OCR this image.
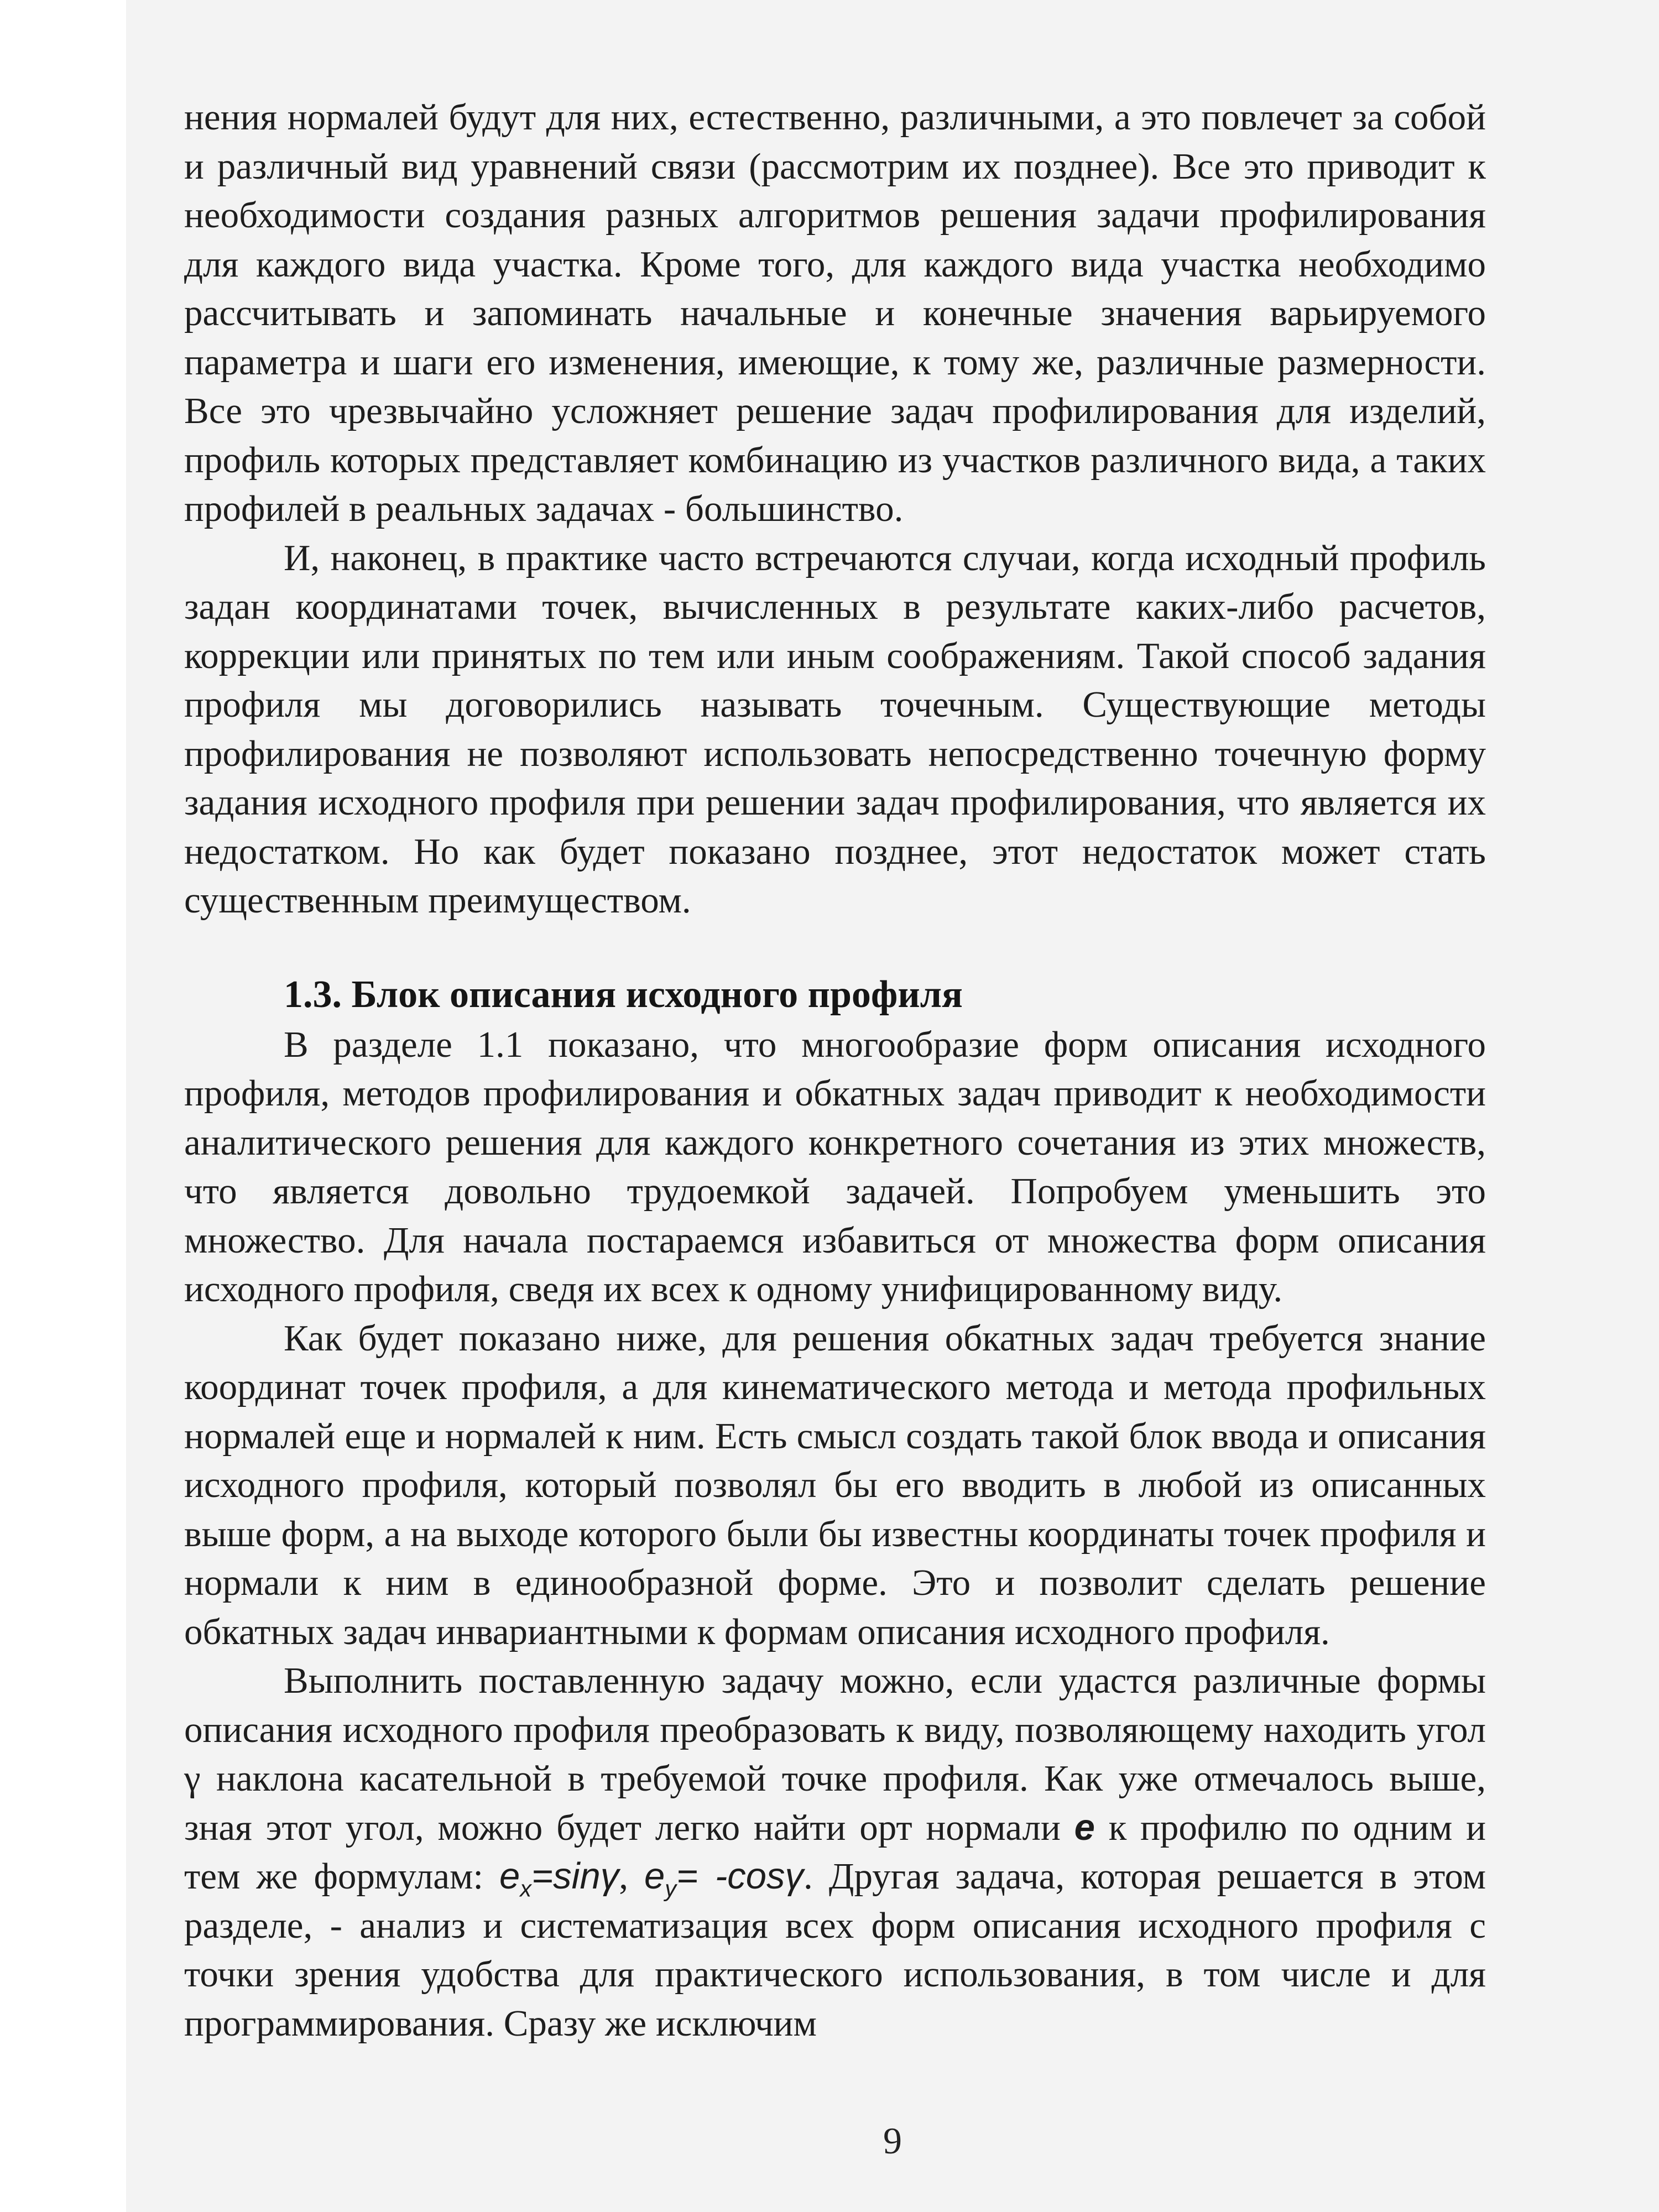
нения нормалей будут для них, естественно, различными, а это повлечет за собой и различный вид уравнений связи (рассмотрим их позднее). Все это приводит к необходимости создания разных алгоритмов решения задачи профилирования для каждого вида участка. Кроме того, для каждого вида участка необходимо рассчитывать и запоминать начальные и конечные значения варьируемого параметра и шаги его изменения, имеющие, к тому же, различные размерности. Все это чрезвычайно усложняет решение задач профилирования для изделий, профиль которых представляет комбинацию из участков различного вида, а таких профилей в реальных задачах - большинство.

И, наконец, в практике часто встречаются случаи, когда исходный профиль задан координатами точек, вычисленных в результате каких-либо расчетов, коррекции или принятых по тем или иным соображениям. Такой способ задания профиля мы договорились называть точечным. Существующие методы профилирования не позволяют использовать непосредственно точечную форму задания исходного профиля при решении задач профилирования, что является их недостатком. Но как будет показано позднее, этот недостаток может стать существенным преимуществом.

1.3. Блок описания исходного профиля

В разделе 1.1 показано, что многообразие форм описания исходного профиля, методов профилирования и обкатных задач приводит к необходимости аналитического решения для каждого конкретного сочетания из этих множеств, что является довольно трудоемкой задачей. Попробуем уменьшить это множество. Для начала постараемся избавиться от множества форм описания исходного профиля, сведя их всех к одному унифицированному виду.

Как будет показано ниже, для решения обкатных задач требуется знание координат точек профиля, а для кинематического метода и метода профильных нормалей еще и нормалей к ним. Есть смысл создать такой блок ввода и описания исходного профиля, который позволял бы его вводить в любой из описанных выше форм, а на выходе которого были бы известны координаты точек профиля и нормали к ним в единообразной форме. Это и позволит сделать решение обкатных задач инвариантными к формам описания исходного профиля.

Выполнить поставленную задачу можно, если удастся различные формы описания исходного профиля преобразовать к виду, позволяющему находить угол γ наклона касательной в требуемой точке профиля. Как уже отмечалось выше, зная этот угол, можно будет легко найти орт нормали e к профилю по одним и тем же формулам: $e_x=\sin\gamma$, $e_y= -\cos\gamma$. Другая задача, которая решается в этом разделе, - анализ и систематизация всех форм описания исходного профиля с точки зрения удобства для практического использования, в том числе и для программирования. Сразу же исключим

9
